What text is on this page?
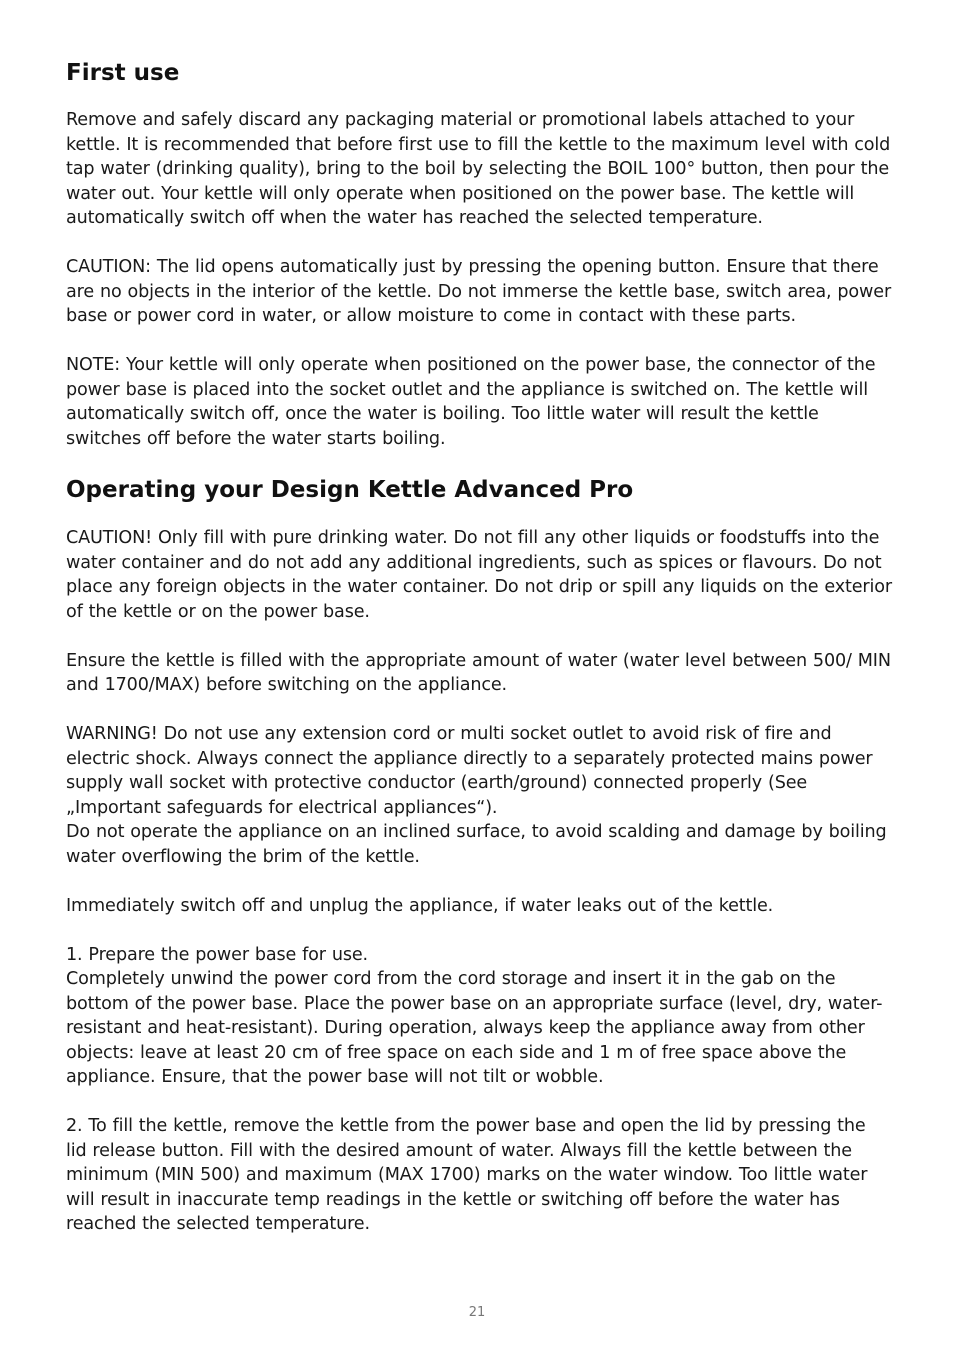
First use

Remove and safely discard any packaging material or promotional labels attached to your kettle. It is recommended that before first use to fill the kettle to the maximum level with cold tap water (drinking quality), bring to the boil by selecting the BOIL 100° button, then pour the water out. Your kettle will only operate when positioned on the power base. The kettle will automatically switch off when the water has reached the selected temperature.

CAUTION: The lid opens automatically just by pressing the opening button. Ensure that there are no objects in the interior of the kettle. Do not immerse the kettle base, switch area, power base or power cord in water, or allow moisture to come in contact with these parts.

NOTE: Your kettle will only operate when positioned on the power base, the connector of the power base is placed into the socket outlet and the appliance is switched on. The kettle will automatically switch off, once the water is boiling. Too little water will result the kettle switches off before the water starts boiling.

Operating your Design Kettle Advanced Pro

CAUTION! Only fill with pure drinking water. Do not fill any other liquids or foodstuffs into the water container and do not add any additional ingredients, such as spices or flavours. Do not place any foreign objects in the water container. Do not drip or spill any liquids on the exterior of the kettle or on the power base.

Ensure the kettle is filled with the appropriate amount of water (water level between 500/ MIN and 1700/MAX) before switching on the appliance.

WARNING! Do not use any extension cord or multi socket outlet to avoid risk of fire and electric shock. Always connect the appliance directly to a separately protected mains power supply wall socket with protective conductor (earth/ground) connected properly (See „Important safeguards for electrical appliances“).

Do not operate the appliance on an inclined surface, to avoid scalding and damage by boiling water overflowing the brim of the kettle.

Immediately switch off and unplug the appliance, if water leaks out of the kettle.

1. Prepare the power base for use.

Completely unwind the power cord from the cord storage and insert it in the gab on the bottom of the power base. Place the power base on an appropriate surface (level, dry, water-resistant and heat-resistant). During operation, always keep the appliance away from other objects: leave at least 20 cm of free space on each side and 1 m of free space above the appliance. Ensure, that the power base will not tilt or wobble.

2. To fill the kettle, remove the kettle from the power base and open the lid by pressing the lid release button. Fill with the desired amount of water. Always fill the kettle between the minimum (MIN 500) and maximum (MAX 1700) marks on the water window. Too little water will result in inaccurate temp readings in the kettle or switching off before the water has reached the selected temperature.

21
